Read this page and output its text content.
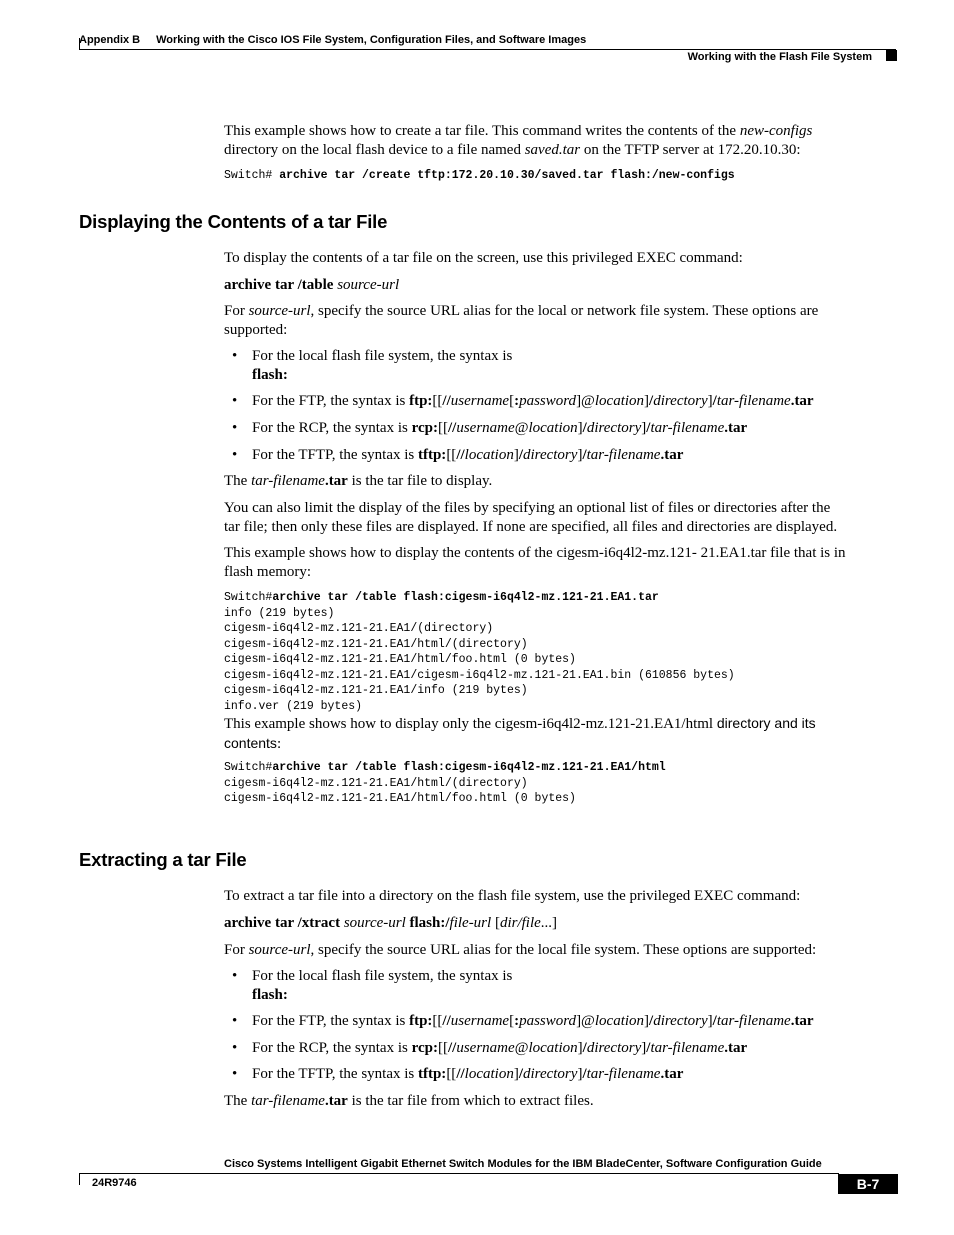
Appendix B Working with the Cisco IOS File System, Configuration Files, and Software Images
Working with the Flash File System

This example shows how to create a tar file. This command writes the contents of the new-configs
directory on the local flash device to a file named saved.tar on the TFTP server at 172.20.10.30:

Switch# archive tar /create tftp:172.20.10.30/saved.tar flash:/new-configs
Displaying the Contents of a tar File

To display the contents of a tar file on the screen, use this privileged EXEC command:

archive tar /table source-url

For source-url, specify the source URL alias for the local or network file system. These options are
supported:

• For the local flash file system, the syntax is
flash:
• For the FTP, the syntax is ftp:[[//username[:password]@location]/directory]/tar-filename.tar
• For the RCP, the syntax is rcp:[[//username@location]/directory]/tar-filename.tar
• For the TFTP, the syntax is tftp:[[//location]/directory]/tar-filename.tar

The tar-filename.tar is the tar file to display.

You can also limit the display of the files by specifying an optional list of files or directories after the
tar file; then only these files are displayed. If none are specified, all files and directories are displayed.

This example shows how to display the contents of the cigesm-i6q4l2-mz.121- 21.EA1.tar file that is in
flash memory:

Switch#archive tar /table flash:cigesm-i6q4l2-mz.121-21.EA1.tar
info (219 bytes)
cigesm-i6q4l2-mz.121-21.EA1/(directory)
cigesm-i6q4l2-mz.121-21.EA1/html/(directory)
cigesm-i6q4l2-mz.121-21.EA1/html/foo.html (0 bytes)
cigesm-i6q4l2-mz.121-21.EA1/cigesm-i6q4l2-mz.121-21.EA1.bin (610856 bytes)
cigesm-i6q4l2-mz.121-21.EA1/info (219 bytes)
info.ver (219 bytes)

This example shows how to display only the cigesm-i6q4l2-mz.121-21.EA1/html directory and its
contents:

Switch#archive tar /table flash:cigesm-i6q4l2-mz.121-21.EA1/html
cigesm-i6q4l2-mz.121-21.EA1/html/(directory)
cigesm-i6q4l2-mz.121-21.EA1/html/foo.html (0 bytes)
Extracting a tar File

To extract a tar file into a directory on the flash file system, use the privileged EXEC command:

archive tar /xtract source-url flash:/file-url [dir/file...]

For source-url, specify the source URL alias for the local file system. These options are supported:

• For the local flash file system, the syntax is
flash:
• For the FTP, the syntax is ftp:[[//username[:password]@location]/directory]/tar-filename.tar
• For the RCP, the syntax is rcp:[[//username@location]/directory]/tar-filename.tar
• For the TFTP, the syntax is tftp:[[//location]/directory]/tar-filename.tar

The tar-filename.tar is the tar file from which to extract files.

Cisco Systems Intelligent Gigabit Ethernet Switch Modules for the IBM BladeCenter, Software Configuration Guide
24R9746	B-7
